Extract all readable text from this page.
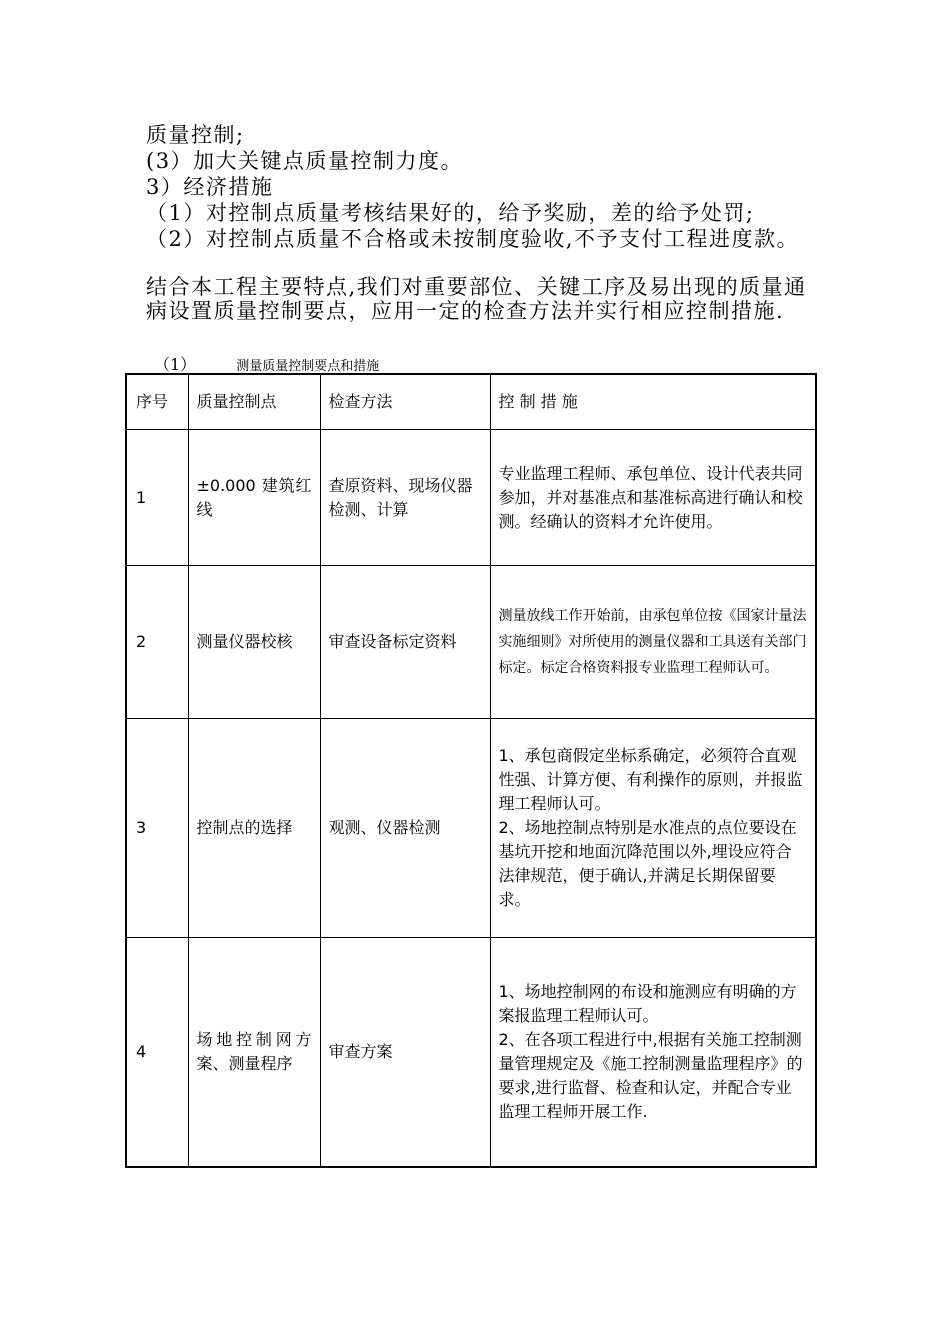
质量控制;

(3）加大关键点质量控制力度。

3）经济措施

（1）对控制点质量考核结果好的，给予奖励，差的给予处罚;

（2）对控制点质量不合格或未按制度验收,不予支付工程进度款。

结合本工程主要特点,我们对重要部位、关键工序及易出现的质量通病设置质量控制要点，应用一定的检查方法并实行相应控制措施.

（1）	测量质量控制要点和措施
序号	质量控制点	检查方法	控 制 措 施
1	±0.000 建筑红线	查原资料、现场仪器检测、计算	专业监理工程师、承包单位、设计代表共同参加，并对基准点和基准标高进行确认和校测。经确认的资料才允许使用。
2	测量仪器校核	审查设备标定资料	测量放线工作开始前，由承包单位按《国家计量法实施细则》对所使用的测量仪器和工具送有关部门标定。标定合格资料报专业监理工程师认可。
3	控制点的选择	观测、仪器检测	1、承包商假定坐标系确定，必须符合直观性强、计算方便、有利操作的原则，并报监理工程师认可。
2、场地控制点特别是水准点的点位要设在基坑开挖和地面沉降范围以外,埋设应符合法律规范，便于确认,并满足长期保留要求。

4	场地控制网方案、测量程序	审查方案	1、场地控制网的布设和施测应有明确的方案报监理工程师认可。
2、在各项工程进行中,根据有关施工控制测量管理规定及《施工控制测量监理程序》的要求,进行监督、检查和认定，并配合专业监理工程师开展工作.
